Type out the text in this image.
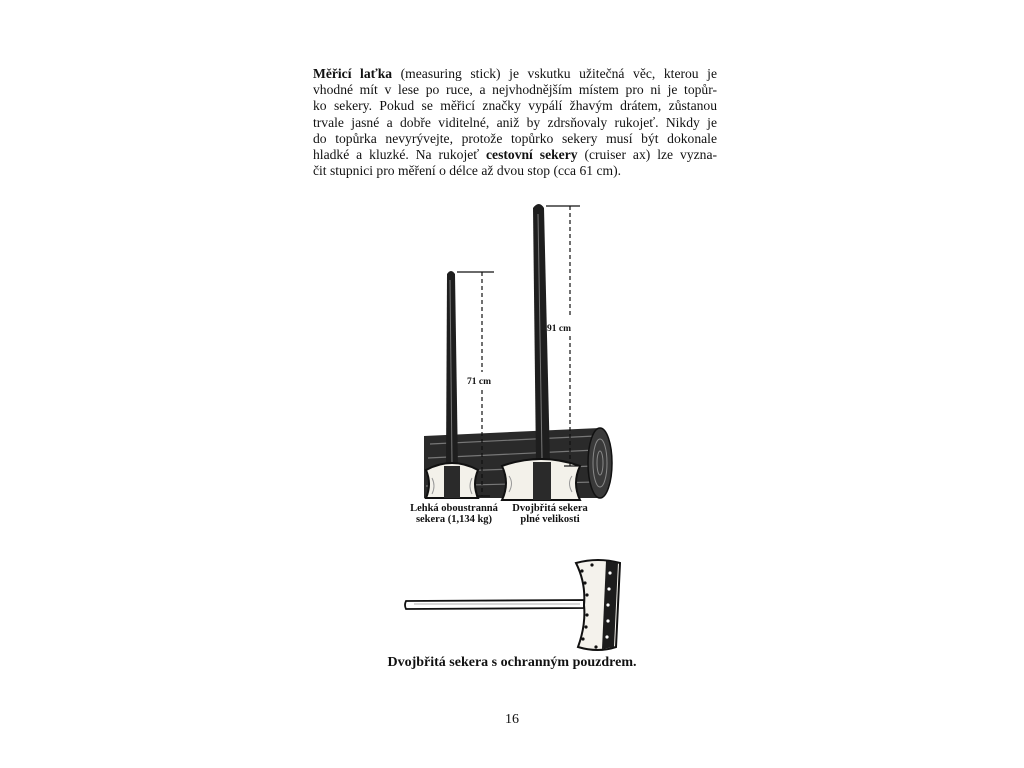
Měřicí laťka (measuring stick) je vskutku užitečná věc, kterou je
vhodné mít v lese po ruce, a nejvhodnějším místem pro ni je topůr-
ko sekery. Pokud se měřicí značky vypálí žhavým drátem, zůstanou
trvale jasné a dobře viditelné, aniž by zdrsňovaly rukojeť. Nikdy je
do topůrka nevyrývejte, protože topůrko sekery musí být dokonale
hladké a kluzké. Na rukojeť cestovní sekery (cruiser ax) lze vyzna-
čit stupnici pro měření o délce až dvou stop (cca 61 cm).

71 cm
91 cm
Lehká oboustranná
sekera (1,134 kg)
Dvojbřitá sekera
plné velikosti
Dvojbřitá sekera s ochranným pouzdrem.
16
